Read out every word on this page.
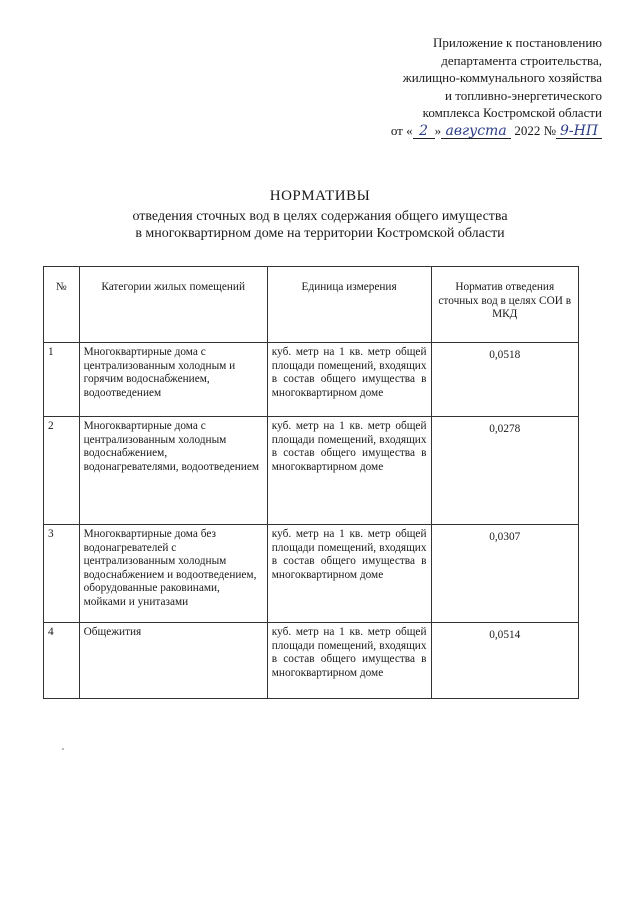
Приложение к постановлению
департамента строительства,
жилищно-коммунального хозяйства
и топливно-энергетического
комплекса Костромской области
от « 2 » августа 2022 № 9-НП
НОРМАТИВЫ
отведения сточных вод в целях содержания общего имущества
в многоквартирном доме на территории Костромской области
№	Категории жилых помещений	Единица измерения	Норматив отведения сточных вод в целях СОИ в МКД
1	Многоквартирные дома с централизованным холодным и горячим водоснабжением, водоотведением	куб. метр на 1 кв. метр общей площади помещений, входящих в состав общего имущества в многоквартирном доме	0,0518
2	Многоквартирные дома с централизованным холодным водоснабжением, водонагревателями, водоотведением	куб. метр на 1 кв. метр общей площади помещений, входящих в состав общего имущества в многоквартирном доме	0,0278
3	Многоквартирные дома без водонагревателей с централизованным холодным водоснабжением и водоотведением, оборудованные раковинами, мойками и унитазами	куб. метр на 1 кв. метр общей площади помещений, входящих в состав общего имущества в многоквартирном доме	0,0307
4	Общежития	куб. метр на 1 кв. метр общей площади помещений, входящих в состав общего имущества в многоквартирном доме	0,0514
